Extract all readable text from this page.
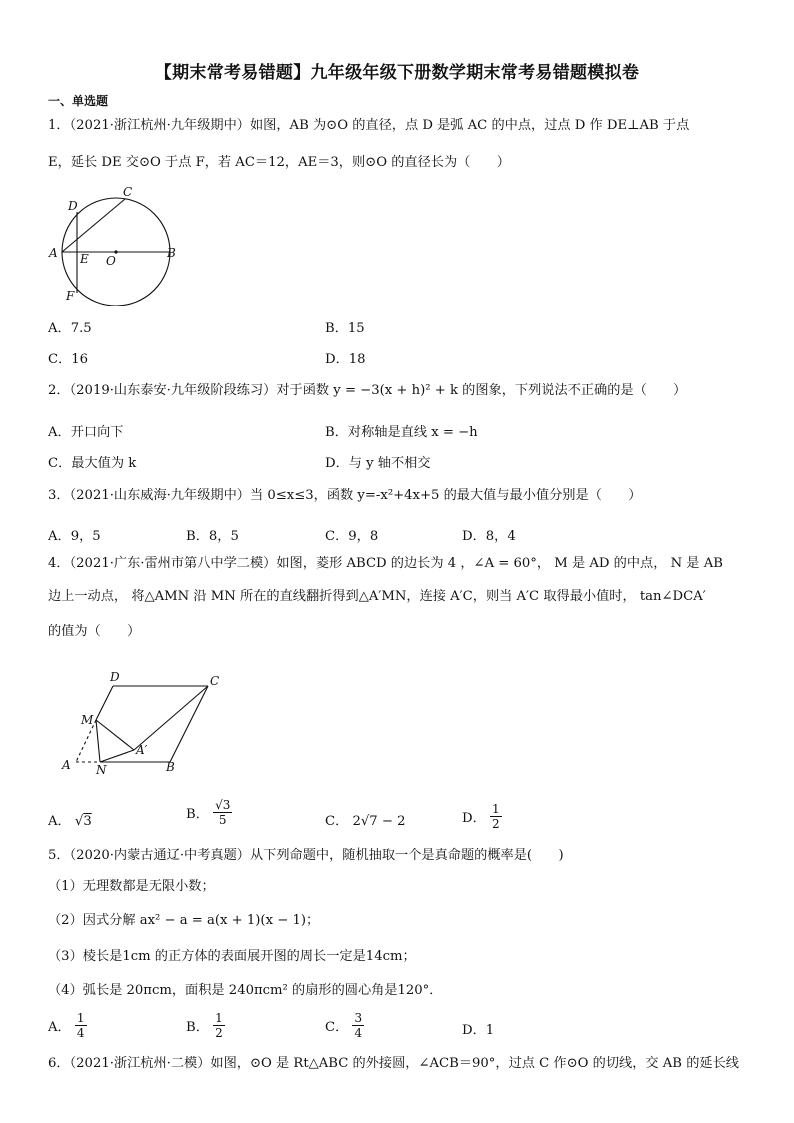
【期末常考易错题】九年级年级下册数学期末常考易错题模拟卷
一、单选题
1．（2021·浙江杭州·九年级期中）如图，AB 为⊙O 的直径，点 D 是弧 AC 的中点，过点 D 作 DE⊥AB 于点
E，延长 DE 交⊙O 于点 F，若 AC＝12，AE＝3，则⊙O 的直径长为（　　）
C
D
A E O
B
F
A．7.5	B．15
C．16	D．18
2．（2019·山东泰安·九年级阶段练习）对于函数 y = −3(x + h)² + k 的图象，下列说法不正确的是（　　）
A．开口向下	B．对称轴是直线 x = −h
C．最大值为 k	D．与 y 轴不相交
3．（2021·山东威海·九年级期中）当 0≤x≤3，函数 y=-x²+4x+5 的最大值与最小值分别是（　　）
A．9，5	B．8，5	C．9，8	D．8，4
4．（2021·广东·雷州市第八中学二模）如图，菱形 ABCD 的边长为 4 ，∠A = 60°， M 是 AD 的中点， N 是 AB
边上一动点， 将△AMN 沿 MN 所在的直线翻折得到△A′MN，连接 A′C，则当 A′C 取得最小值时， tan∠DCA′
的值为（　　）
D	C
M
A′
A N	B
A． √3	B． $\frac{√3}{5}$	C． 2√7 − 2	D． $\frac{1}{2}$
5．（2020·内蒙古通辽·中考真题）从下列命题中，随机抽取一个是真命题的概率是(　　)
（1）无理数都是无限小数；
（2）因式分解 ax² − a = a(x + 1)(x − 1)；
（3）棱长是1cm 的正方体的表面展开图的周长一定是14cm；
（4）弧长是 20πcm，面积是 240πcm² 的扇形的圆心角是120°．
A． $\frac{1}{4}$	B． $\frac{1}{2}$	C． $\frac{3}{4}$	D．1
6．（2021·浙江杭州·二模）如图，⊙O 是 Rt△ABC 的外接圆，∠ACB＝90°，过点 C 作⊙O 的切线，交 AB 的延长线
